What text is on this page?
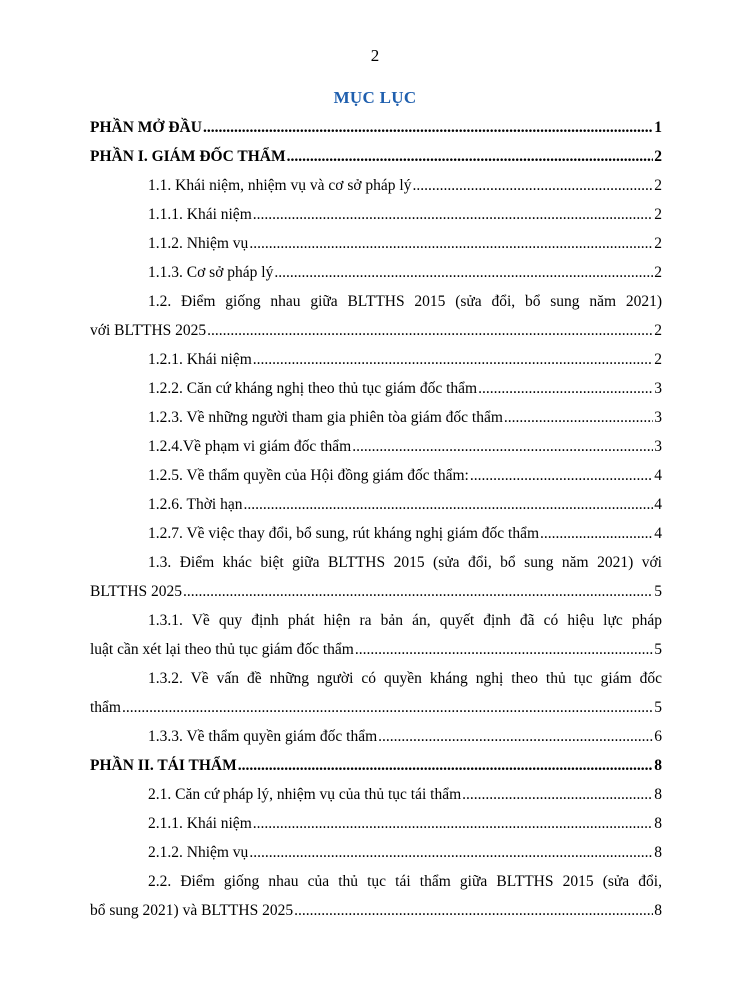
2
MỤC LỤC
PHẦN MỞ ĐẦU .....	1
PHẦN I. GIÁM ĐỐC THẨM .....	2
1.1. Khái niệm, nhiệm vụ và cơ sở pháp lý .....	2
1.1.1. Khái niệm .....	2
1.1.2. Nhiệm vụ .....	2
1.1.3. Cơ sở pháp lý .....	2
1.2. Điểm giống nhau giữa BLTTHS 2015 (sửa đổi, bổ sung năm 2021)
với BLTTHS 2025 .....	2
1.2.1. Khái niệm .....	2
1.2.2. Căn cứ kháng nghị theo thủ tục giám đốc thẩm .....	3
1.2.3. Về những người tham gia phiên tòa giám đốc thẩm .....	3
1.2.4.Về phạm vi giám đốc thẩm .....	3
1.2.5. Về thẩm quyền của Hội đồng giám đốc thẩm: .....	4
1.2.6. Thời hạn .....	4
1.2.7. Về việc thay đổi, bổ sung, rút kháng nghị giám đốc thẩm .....	4
1.3. Điểm khác biệt giữa BLTTHS 2015 (sửa đổi, bổ sung năm 2021) với
BLTTHS 2025 .....	5
1.3.1. Về quy định phát hiện ra bản án, quyết định đã có hiệu lực pháp
luật cần xét lại theo thủ tục giám đốc thẩm .....	5
1.3.2. Về vấn đề những người có quyền kháng nghị theo thủ tục giám đốc
thẩm .....	5
1.3.3. Về thẩm quyền giám đốc thẩm .....	6
PHẦN II. TÁI THẨM .....	8
2.1. Căn cứ pháp lý, nhiệm vụ của thủ tục tái thẩm .....	8
2.1.1. Khái niệm .....	8
2.1.2. Nhiệm vụ .....	8
2.2. Điểm giống nhau của thủ tục tái thẩm giữa BLTTHS 2015 (sửa đổi,
bổ sung 2021) và BLTTHS 2025 .....	8
